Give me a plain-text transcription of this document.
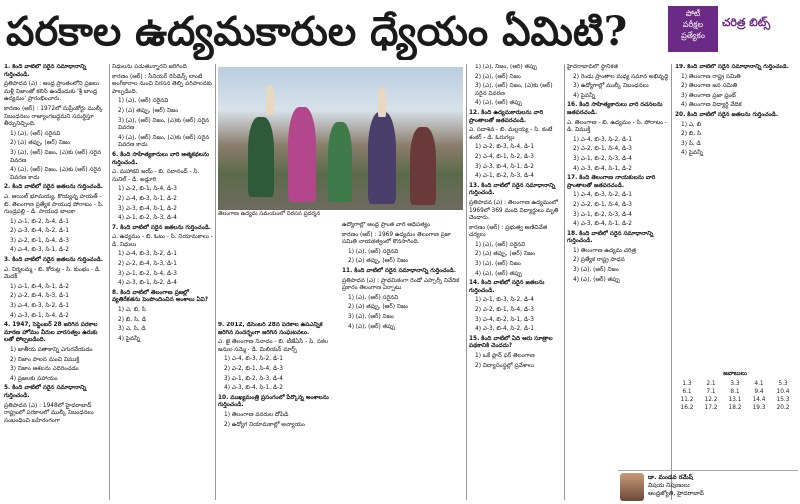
పరకాల ఉద్యమకారుల ధ్యేయం ఏమిటి?	పోటీ
పరీక్షల
ప్రత్యేకం
చరిత్ర బిట్స్

1. కింది వాటిలో సరైన సమాధానాన్ని గుర్తించండి.

ప్రతిపాదన (ఎ) : ఆంధ్ర ప్రాంతంలోని ప్రజలు మళ్లీ నిజాంతో కలిసి ఉండేందుకు 'శ్రీ బాంధ్ర ఉద్యమం' ప్రారంభించారు.

కారణం (ఆర్) : 1972లో సుప్రీంకోర్టు ముల్కీ నిబంధనలు రాజ్యాంగబద్ధమని సమర్థిస్తూ తీర్పునిచ్చింది.

1) (ఎ), (ఆర్) సరైనవి

2) (ఎ) తప్పు, (ఆర్) నిజం

3) (ఎ), (ఆర్) నిజం, (ఎ)కు (ఆర్) సరైన వివరణ

4) (ఎ), (ఆర్) నిజం, (ఎ)కు (ఆర్) సరైన వివరణ కాదు

2. కింది వాటిలో సరైన జతలను గుర్తించండి.

ఎ. ఆయిల్ భూమయ్య, కొయ్యన్న హయత్ - బి. తెలంగాణ ప్రత్యేక సాయుధ పోరాటం - సి. గుండ్రపల్లి - డి. సాయుధ బాలకా

1) ఎ-1, బి-2, సి-4, డి-1

2) ఎ-3, బి-4, సి-2, డి-1

3) ఎ-2, బి-1, సి-4, డి-3

4) ఎ-4, బి-3, సి-1, డి-2

3. కింది వాటిలో సరైన జతలను గుర్తించండి.

ఎ. నిర్మలమ్మ - బి. కోరుట్ల - సి. కుంభం - డి. మెదక్

1) ఎ-1, బి-4, సి-1, డి-2

2) ఎ-2, బి-4, సి-3, డి-1

3) ఎ-4, బి-3, సి-2, డి-1

4) ఎ-3, బి-1, సి-4, డి-2

4. 1947, సెప్టెంబర్ 28 జరిగిన పరకాల మారణ హోమం వీరుల వారసత్వం ఉరుకు లతో పోల్చబడింది.

1) జాతీయ పతాకాన్ని ఎగురవేయడం

2) నిజాం పాలన నుంచి విముక్తి

3) నిజాం ఆశలను ఎదిరించడం

4) ప్రజలకు సహాయం

5. కింది వాటిలో సరైన సమాధానాన్ని గుర్తించండి.

ప్రతిపాదన (ఎ) : 1948లో హైదరాబాద్ రాష్ట్రంలో పరకాలలో ముల్కీ నిబంధనలు సంబంధించి బహిరంగంగా

నిధులను పడుతున్నారని జరిగింది

కారణం (ఆర్) : సీనియర్ రెసిడెన్స్ లాంటి అంగీకారాల నుంచి నిరసన తెల్పి పరిపాలనకు పాల్పడింది.

1) (ఎ), (ఆర్) సరైనవి

2) (ఎ) తప్పు, (ఆర్) నిజం

3) (ఎ), (ఆర్) నిజం, (ఎ)కు (ఆర్) సరైన వివరణ

4) (ఎ), (ఆర్) నిజం, (ఎ)కు (ఆర్) సరైన వివరణ కాదు

6. కింది సాహిత్యకారులు వారి ఆత్మకథలను గుర్తించండి.

ఎ. మహాకవి జయ్ - బి. సదానంద్ - సి. సునిల్ - డి. అడ్లూరి

1) ఎ-2, బి-1, సి-4, డి-3

2) ఎ-4, బి-3, సి-1, డి-2

3) ఎ-3, బి-4, సి-1, డి-2

4) ఎ-1, బి-2, సి-3, డి-4

7. కింది వాటిలో సరైన జతలను గుర్తించండి.

ఎ. ఉద్యమం - బి. ఓటు - సి. నియామకాలు - డి. నిధులు

1) ఎ-4, బి-3, సి-2, డి-1

2) ఎ-2, బి-4, సి-3, డి-1

3) ఎ-1, బి-2, సి-4, డి-3

4) ఎ-3, బి-1, సి-2, డి-4

8. కింది వాటిలో తెలంగాణ ప్రజల్లో వ్యతిరేకతను పెంపొందించిన అంశాలు ఏవి?

1) ఎ, బి, సి

2) బి, సి, డి

3) ఎ, సి, డి

4) పైవన్నీ

తెలంగాణ ఉద్యమ సమయంలో నిరసన ప్రదర్శన

9. 2012, డిసెంబర్ 28న పరకాల ఉపఎన్నిక జరిగిన సందర్భంగా జరిగిన సంఘటనలు.

ఎ. జై తెలంగాణ నినాదం - బి. టీజేఏసీ - సి. సకల జనుల సమ్మె - డి. మిలియన్ మార్చ్

1) ఎ-4, బి-3, సి-2, డి-1

2) ఎ-2, బి-1, సి-4, డి-3

3) ఎ-1, బి-2, సి-3, డి-4

4) ఎ-3, బి-4, సి-1, డి-2

10. ముఖ్యమంత్రి ప్రసంగంలో పేర్కొన్న అంశాలను గుర్తించండి.

1) తెలంగాణ వనరుల దోపిడి

2) ఉద్యోగ నియామకాల్లో అన్యాయం

ఉద్యోగాల్లో ఆంధ్ర ప్రాంత వారి ఆధిపత్యం

కారణం (ఆర్) : 1969 ఉద్యమం తెలంగాణ ప్రజా సమితి నాయకత్వంలో కొనసాగింది.

1) (ఎ), (ఆర్) సరైనవి

2) (ఎ) తప్పు, (ఆర్) నిజం

11. కింది వాటిలో సరైన సమాధానాన్ని గుర్తించండి.

ప్రతిపాదన (ఎ) : ప్రాథమికంగా రెండో ఎస్సార్సీ నివేదిక ప్రకారం తెలంగాణ ఏర్పాటు

1) (ఎ), (ఆర్) సరైనవి

2) (ఎ) తప్పు, (ఆర్) నిజం

3) (ఎ), (ఆర్) నిజం

4) (ఎ), (ఆర్) తప్పు

1) (ఎ), నిజం, (ఆర్) తప్పు

2) (ఎ), (ఆర్) నిజం

3) (ఎ), (ఆర్) నిజం, (ఎ)కు (ఆర్) సరైన వివరణ

4) (ఎ), (ఆర్) తప్పు

12. కింది ఉద్యమకారులను వారి ప్రాంతాలతో జతపరచండి.

ఎ. సదాశివ - బి. మల్లయ్య - సి. కంటే శంకర్ - డి. ఓరుగల్లు

1) ఎ-2, బి-3, సి-4, డి-1

2) ఎ-4, బి-1, సి-2, డి-3

3) ఎ-3, బి-4, సి-1, డి-2

4) ఎ-1, బి-2, సి-3, డి-4

13. కింది వాటిలో సరైన సమాధానాన్ని గుర్తించండి.

ప్రతిపాదన (ఎ) : తెలంగాణ ఉద్యమంలో 1969లో 369 మంది విద్యార్థులు మృతి చెందారు.

కారణం (ఆర్) : ప్రభుత్వ అణిచివేత చర్యలు

1) (ఎ), (ఆర్) సరైనవి

2) (ఎ) తప్పు, (ఆర్) నిజం

3) (ఎ), (ఆర్) నిజం

4) (ఎ), (ఆర్) తప్పు

14. కింది వాటిలో సరైన జతలను గుర్తించండి.

1) ఎ-1, బి-3, సి-2, డి-4

2) ఎ-2, బి-1, సి-4, డి-3

3) ఎ-4, బి-2, సి-1, డి-3

4) ఎ-3, బి-4, సి-2, డి-1

15. కింది వాటిలో ఏది ఆరు సూత్రాల పథకానికి చెందదు?

1) ఒకే ప్లాన్ ఫర్ తెలంగాణ

2) విద్యాసంస్థల్లో ప్రవేశాలు

హైదరాబాద్‌లో స్థానికత

2) రెండు ప్రాంతాల మధ్య సమాన అభివృద్ధి

3) ఉద్యోగాల్లో ముల్కీ నిబంధనలు

4) పైవన్నీ

16. కింది సాహిత్యకారులు వారి రచనలను జతపరచండి.

ఎ. తెలంగాణ - బి. ఉద్యమం - సి. పోరాటం - డి. విముక్తి

1) ఎ-4, బి-3, సి-2, డి-1

2) ఎ-2, బి-1, సి-4, డి-3

3) ఎ-1, బి-2, సి-3, డి-4

4) ఎ-3, బి-4, సి-1, డి-2

17. కింది తెలంగాణ నాయకులను వారి ప్రాంతాలతో జతపరచండి.

1) ఎ-4, బి-3, సి-2, డి-1

2) ఎ-2, బి-1, సి-4, డి-3

3) ఎ-1, బి-2, సి-3, డి-4

4) ఎ-3, బి-4, సి-1, డి-2

18. కింది వాటిలో సరైన సమాధానాన్ని గుర్తించండి.

1) తెలంగాణ ఉద్యమ చరిత్ర

2) ప్రత్యేక రాష్ట్ర సాధన

3) (ఎ), (ఆర్) నిజం

4) (ఎ), (ఆర్) తప్పు

19. కింది వాటిలో సరైన సమాధానాన్ని గుర్తించండి.

1) తెలంగాణ రాష్ట్ర సమితి

2) తెలంగాణ జన సమితి

3) తెలంగాణ ప్రజా ఫ్రంట్

4) తెలంగాణ విద్యార్థి వేదిక

20. కింది వాటిలో సరైన జతలను గుర్తించండి.

1) ఎ, బి

2) బి, సి

3) సి, డి

4) పైవన్నీ

జవాబులు
1.3	2.1	3.3	4.1	5.3
6.1	7.1	8.1	9.4	10.4
11.2	12.2	13.1	14.4	15.3
16.2	17.2	18.2	19.3	20.2
డా. మండవ రమేష్
విషయ నిపుణులు
ఆంధ్రజ్యోతి, హైదరాబాద్
